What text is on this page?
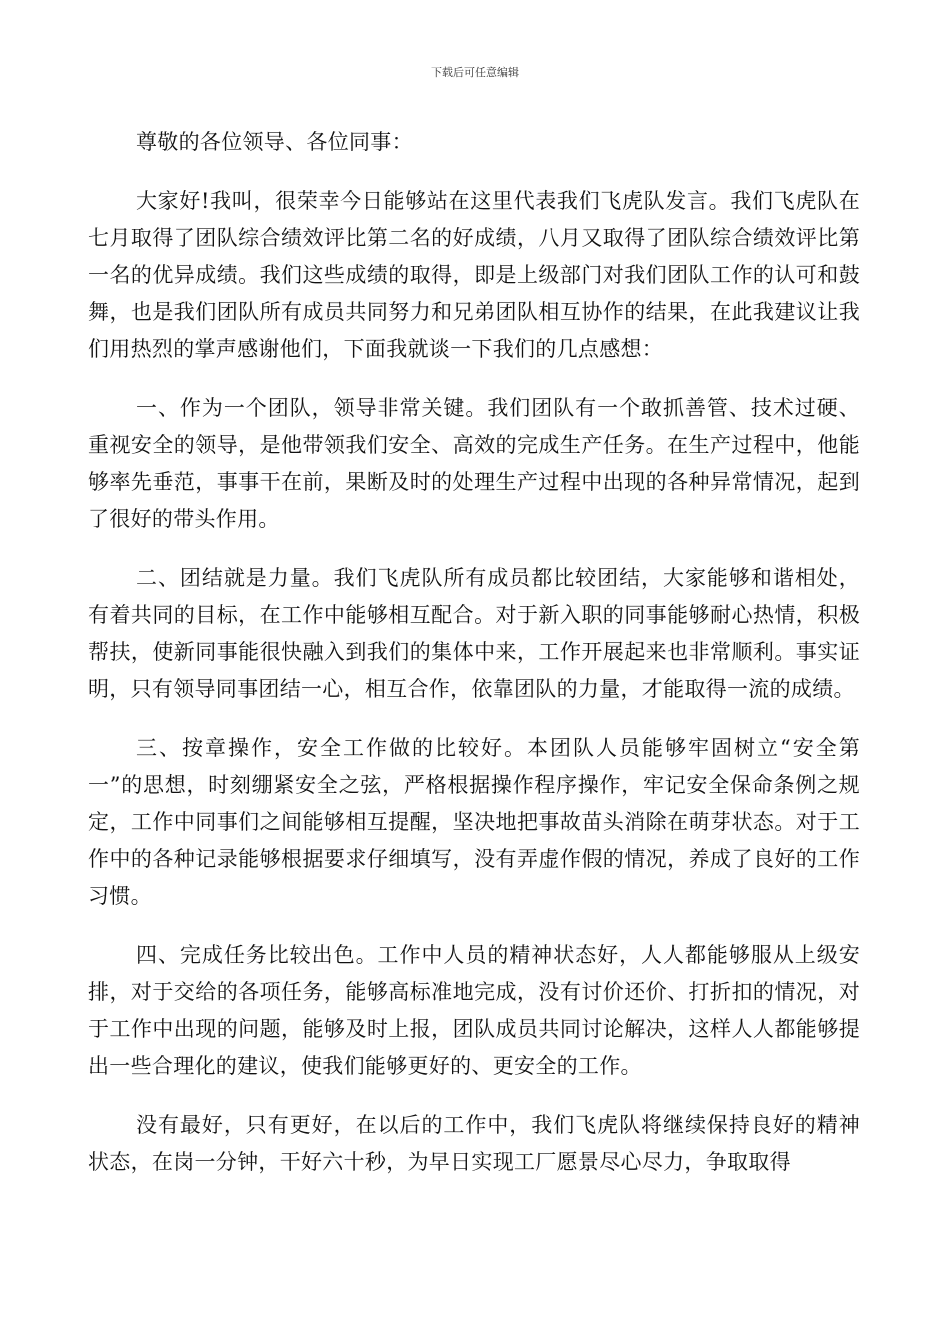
下载后可任意编辑

尊敬的各位领导、各位同事：

大家好!我叫，很荣幸今日能够站在这里代表我们飞虎队发言。我们飞虎队在七月取得了团队综合绩效评比第二名的好成绩，八月又取得了团队综合绩效评比第一名的优异成绩。我们这些成绩的取得，即是上级部门对我们团队工作的认可和鼓舞，也是我们团队所有成员共同努力和兄弟团队相互协作的结果，在此我建议让我们用热烈的掌声感谢他们，下面我就谈一下我们的几点感想：

一、作为一个团队，领导非常关键。我们团队有一个敢抓善管、技术过硬、重视安全的领导，是他带领我们安全、高效的完成生产任务。在生产过程中，他能够率先垂范，事事干在前，果断及时的处理生产过程中出现的各种异常情况，起到了很好的带头作用。

二、团结就是力量。我们飞虎队所有成员都比较团结，大家能够和谐相处，有着共同的目标，在工作中能够相互配合。对于新入职的同事能够耐心热情，积极帮扶，使新同事能很快融入到我们的集体中来，工作开展起来也非常顺利。事实证明，只有领导同事团结一心，相互合作，依靠团队的力量，才能取得一流的成绩。

三、按章操作，安全工作做的比较好。本团队人员能够牢固树立“安全第一”的思想，时刻绷紧安全之弦，严格根据操作程序操作，牢记安全保命条例之规定，工作中同事们之间能够相互提醒，坚决地把事故苗头消除在萌芽状态。对于工作中的各种记录能够根据要求仔细填写，没有弄虚作假的情况，养成了良好的工作习惯。

四、完成任务比较出色。工作中人员的精神状态好，人人都能够服从上级安排，对于交给的各项任务，能够高标准地完成，没有讨价还价、打折扣的情况，对于工作中出现的问题，能够及时上报，团队成员共同讨论解决，这样人人都能够提出一些合理化的建议，使我们能够更好的、更安全的工作。

没有最好，只有更好，在以后的工作中，我们飞虎队将继续保持良好的精神状态，在岗一分钟，干好六十秒，为早日实现工厂愿景尽心尽力，争取取得
